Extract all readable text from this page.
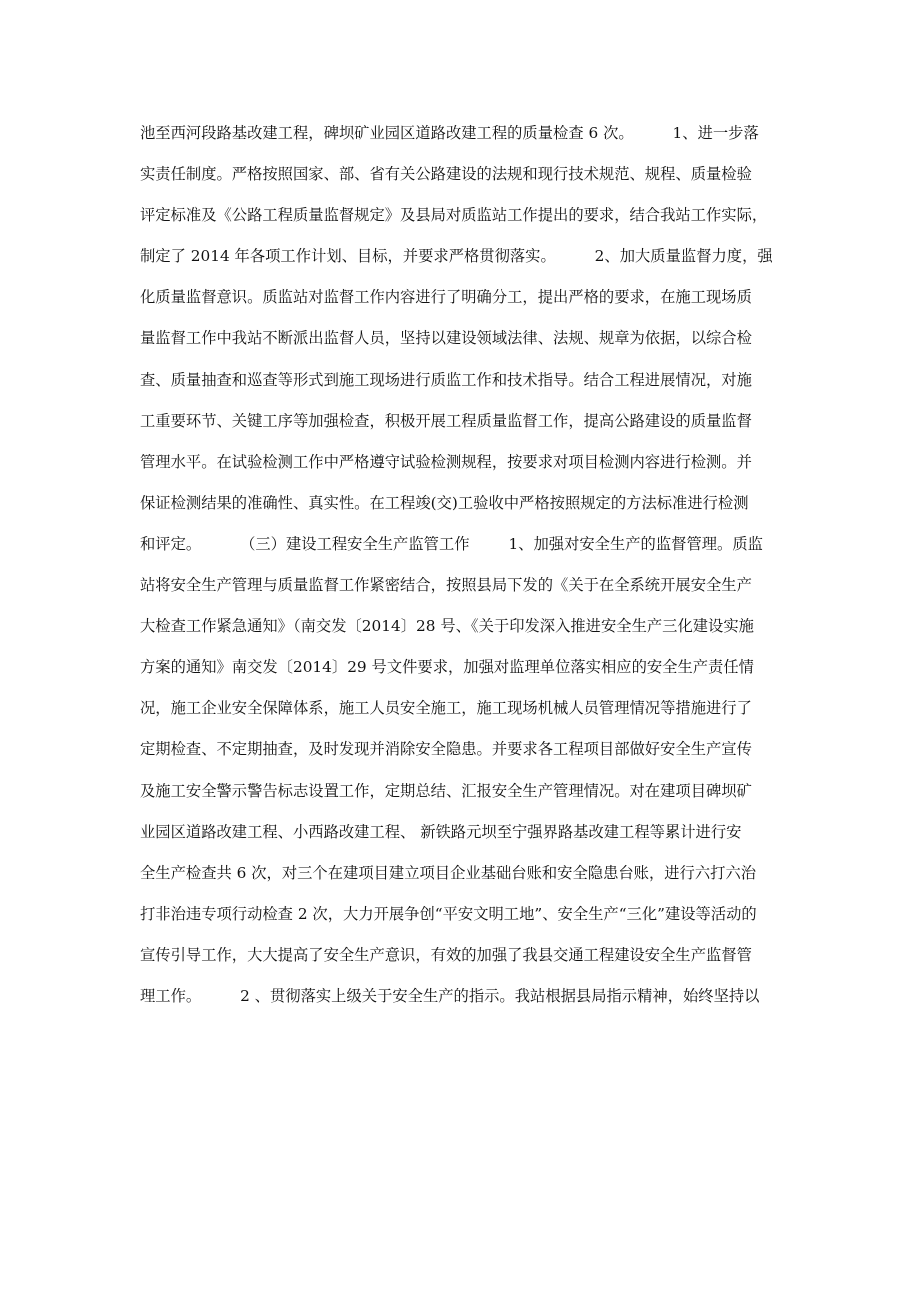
池至西河段路基改建工程，碑坝矿业园区道路改建工程的质量检查 6 次。        1、进一步落
实责任制度。严格按照国家、部、省有关公路建设的法规和现行技术规范、规程、质量检验
评定标准及《公路工程质量监督规定》及县局对质监站工作提出的要求，结合我站工作实际，
制定了 2014 年各项工作计划、目标，并要求严格贯彻落实。        2、加大质量监督力度，强
化质量监督意识。质监站对监督工作内容进行了明确分工，提出严格的要求，在施工现场质
量监督工作中我站不断派出监督人员，坚持以建设领域法律、法规、规章为依据，以综合检
查、质量抽查和巡查等形式到施工现场进行质监工作和技术指导。结合工程进展情况，对施
工重要环节、关键工序等加强检查，积极开展工程质量监督工作，提高公路建设的质量监督
管理水平。在试验检测工作中严格遵守试验检测规程，按要求对项目检测内容进行检测。并
保证检测结果的准确性、真实性。在工程竣(交)工验收中严格按照规定的方法标准进行检测
和评定。        （三）建设工程安全生产监管工作        1、加强对安全生产的监督管理。质监
站将安全生产管理与质量监督工作紧密结合，按照县局下发的《关于在全系统开展安全生产
大检查工作紧急通知》（南交发〔2014〕28 号、《关于印发深入推进安全生产三化建设实施
方案的通知》南交发〔2014〕29 号文件要求，加强对监理单位落实相应的安全生产责任情
况，施工企业安全保障体系，施工人员安全施工，施工现场机械人员管理情况等措施进行了
定期检查、不定期抽查，及时发现并消除安全隐患。并要求各工程项目部做好安全生产宣传
及施工安全警示警告标志设置工作，定期总结、汇报安全生产管理情况。对在建项目碑坝矿
业园区道路改建工程、小西路改建工程、 新铁路元坝至宁强界路基改建工程等累计进行安
全生产检查共 6 次，对三个在建项目建立项目企业基础台账和安全隐患台账，进行六打六治
打非治违专项行动检查 2 次，大力开展争创“平安文明工地”、安全生产“三化”建设等活动的
宣传引导工作，大大提高了安全生产意识，有效的加强了我县交通工程建设安全生产监督管
理工作。        2 、贯彻落实上级关于安全生产的指示。我站根据县局指示精神，始终坚持以
